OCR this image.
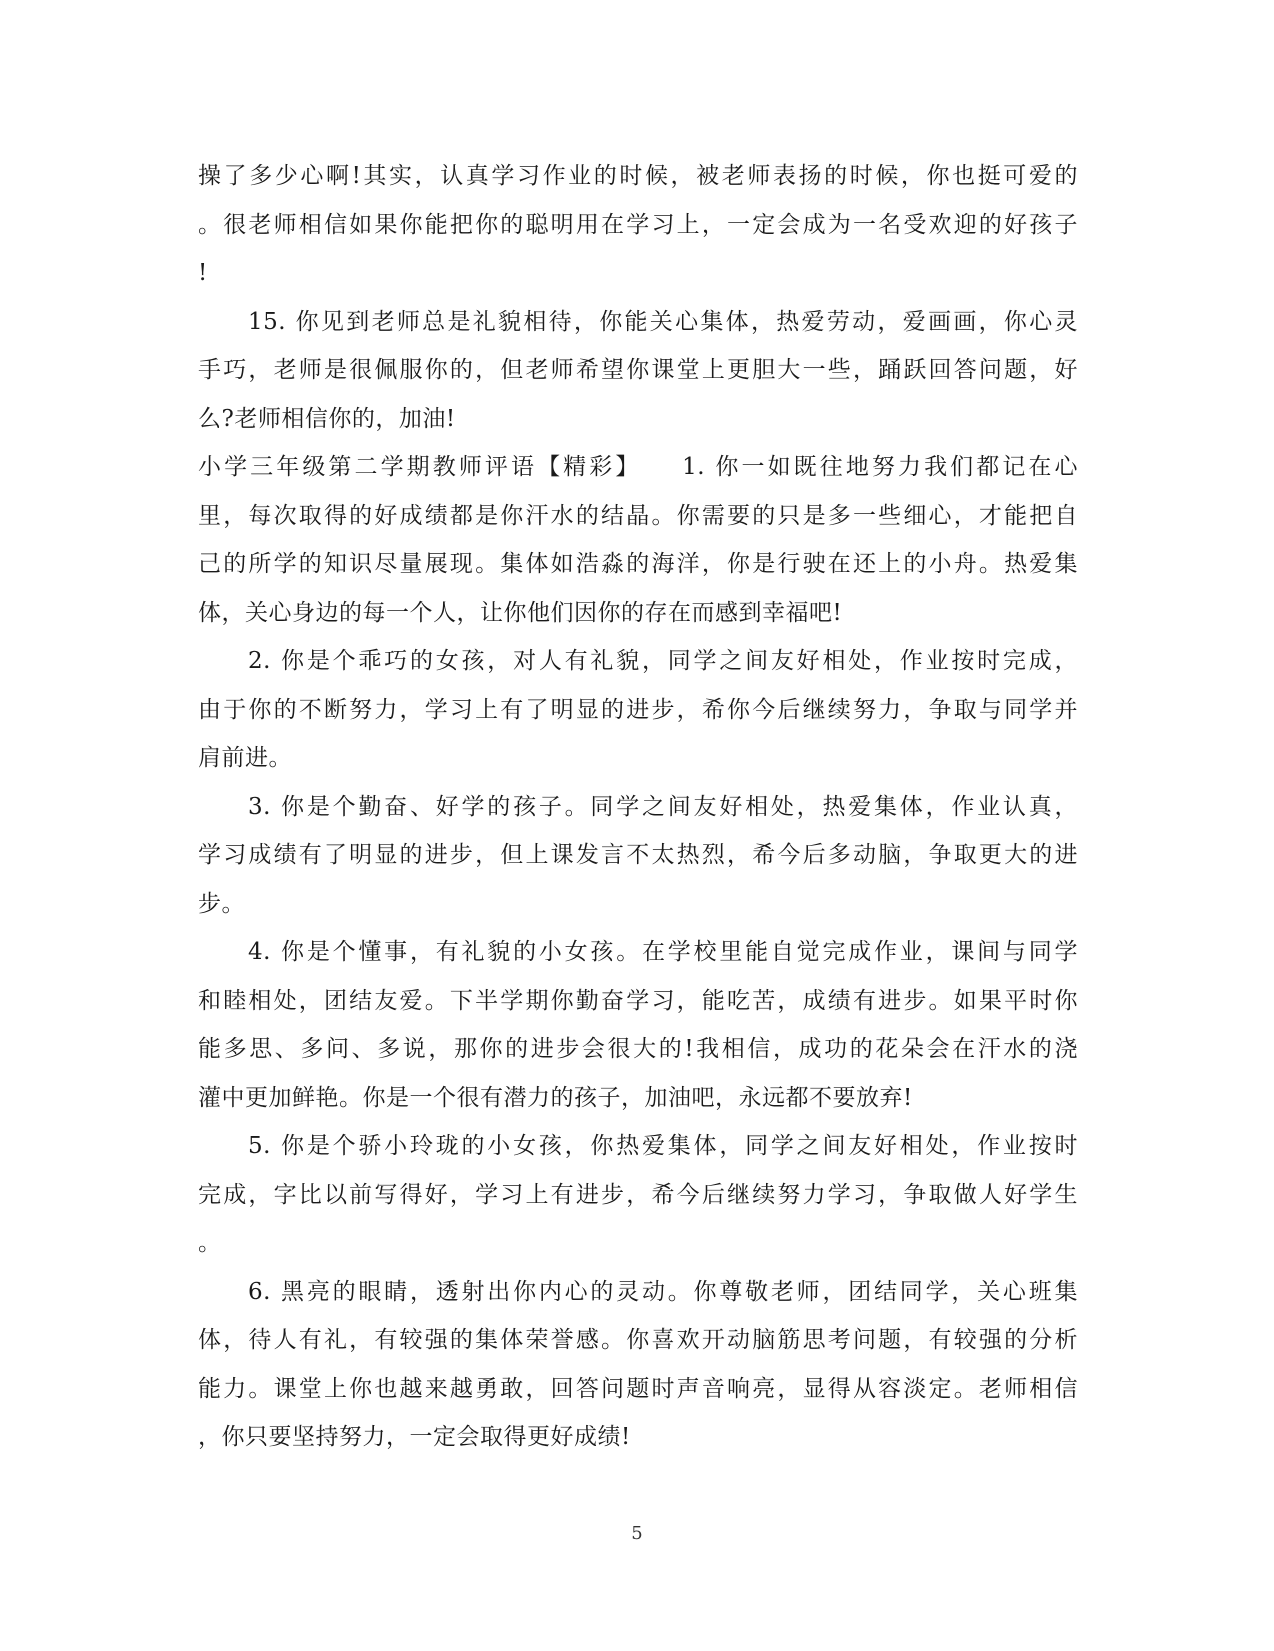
操了多少心啊!其实，认真学习作业的时候，被老师表扬的时候，你也挺可爱的
。很老师相信如果你能把你的聪明用在学习上，一定会成为一名受欢迎的好孩子
!
15. 你见到老师总是礼貌相待，你能关心集体，热爱劳动，爱画画，你心灵
手巧，老师是很佩服你的，但老师希望你课堂上更胆大一些，踊跃回答问题，好
么?老师相信你的，加油!
小学三年级第二学期教师评语【精彩】　　1. 你一如既往地努力我们都记在心
里，每次取得的好成绩都是你汗水的结晶。你需要的只是多一些细心，才能把自
己的所学的知识尽量展现。集体如浩淼的海洋，你是行驶在还上的小舟。热爱集
体，关心身边的每一个人，让你他们因你的存在而感到幸福吧!
2. 你是个乖巧的女孩，对人有礼貌，同学之间友好相处，作业按时完成，
由于你的不断努力，学习上有了明显的进步，希你今后继续努力，争取与同学并
肩前进。
3. 你是个勤奋、好学的孩子。同学之间友好相处，热爱集体，作业认真，
学习成绩有了明显的进步，但上课发言不太热烈，希今后多动脑，争取更大的进
步。
4. 你是个懂事，有礼貌的小女孩。在学校里能自觉完成作业，课间与同学
和睦相处，团结友爱。下半学期你勤奋学习，能吃苦，成绩有进步。如果平时你
能多思、多问、多说，那你的进步会很大的!我相信，成功的花朵会在汗水的浇
灌中更加鲜艳。你是一个很有潜力的孩子，加油吧，永远都不要放弃!
5. 你是个骄小玲珑的小女孩，你热爱集体，同学之间友好相处，作业按时
完成，字比以前写得好，学习上有进步，希今后继续努力学习，争取做人好学生
。
6. 黑亮的眼睛，透射出你内心的灵动。你尊敬老师，团结同学，关心班集
体，待人有礼，有较强的集体荣誉感。你喜欢开动脑筋思考问题，有较强的分析
能力。课堂上你也越来越勇敢，回答问题时声音响亮，显得从容淡定。老师相信
，你只要坚持努力，一定会取得更好成绩!
5
